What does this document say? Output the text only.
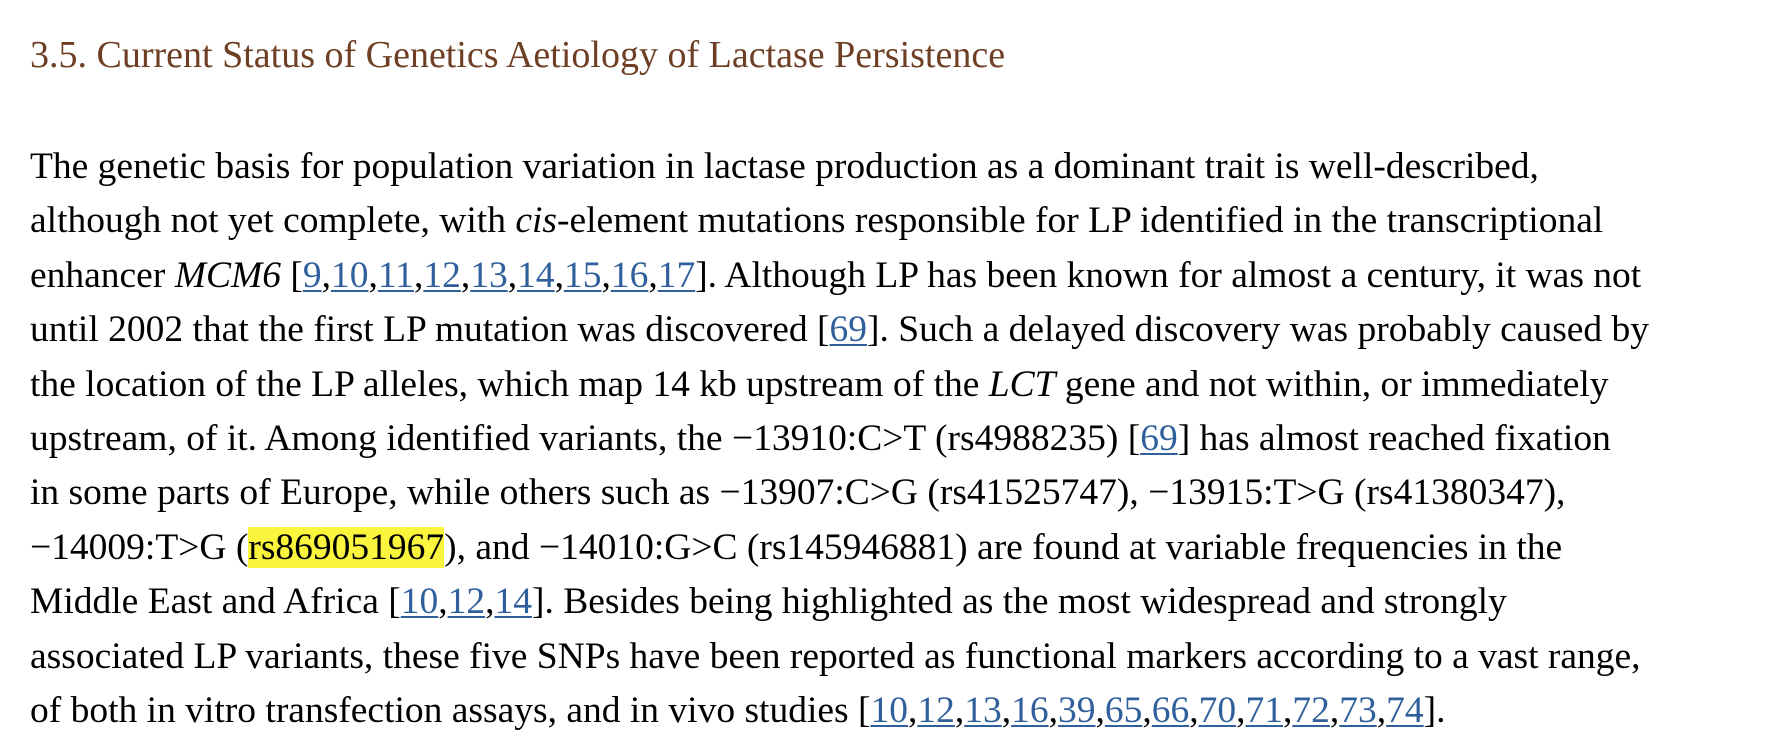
3.5. Current Status of Genetics Aetiology of Lactase Persistence

The genetic basis for population variation in lactase production as a dominant trait is well-described,
although not yet complete, with cis-element mutations responsible for LP identified in the transcriptional
enhancer MCM6 [9,10,11,12,13,14,15,16,17]. Although LP has been known for almost a century, it was not
until 2002 that the first LP mutation was discovered [69]. Such a delayed discovery was probably caused by
the location of the LP alleles, which map 14 kb upstream of the LCT gene and not within, or immediately
upstream, of it. Among identified variants, the −13910:C>T (rs4988235) [69] has almost reached fixation
in some parts of Europe, while others such as −13907:C>G (rs41525747), −13915:T>G (rs41380347),
−14009:T>G (rs869051967), and −14010:G>C (rs145946881) are found at variable frequencies in the
Middle East and Africa [10,12,14]. Besides being highlighted as the most widespread and strongly
associated LP variants, these five SNPs have been reported as functional markers according to a vast range,
of both in vitro transfection assays, and in vivo studies [10,12,13,16,39,65,66,70,71,72,73,74].
